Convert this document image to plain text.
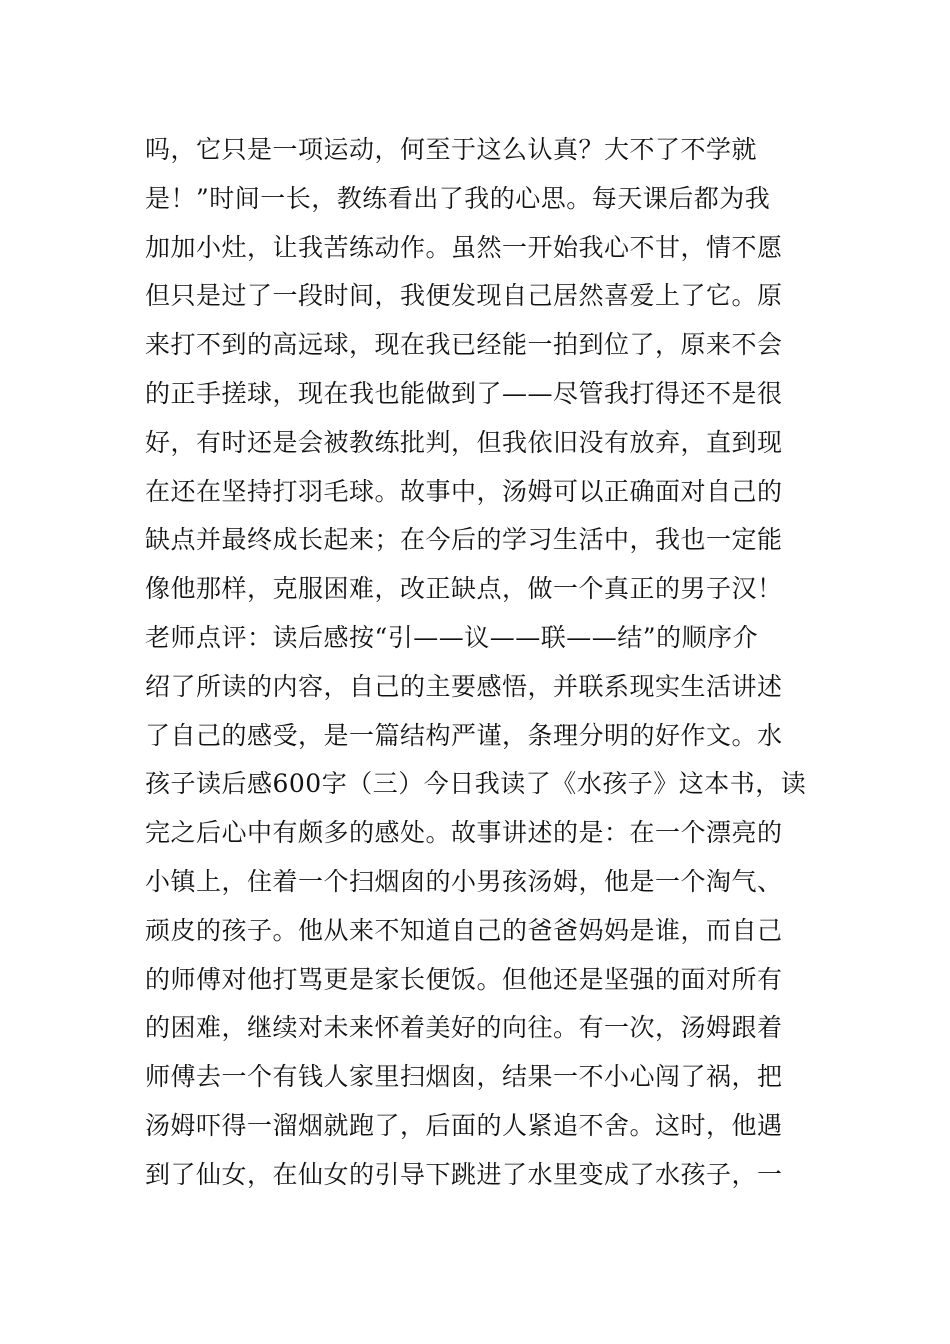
吗，它只是一项运动，何至于这么认真？大不了不学就
是！”时间一长，教练看出了我的心思。每天课后都为我
加加小灶，让我苦练动作。虽然一开始我心不甘，情不愿
但只是过了一段时间，我便发现自己居然喜爱上了它。原
来打不到的高远球，现在我已经能一拍到位了，原来不会
的正手搓球，现在我也能做到了——尽管我打得还不是很
好，有时还是会被教练批判，但我依旧没有放弃，直到现
在还在坚持打羽毛球。故事中，汤姆可以正确面对自己的
缺点并最终成长起来；在今后的学习生活中，我也一定能
像他那样，克服困难，改正缺点，做一个真正的男子汉！
老师点评：读后感按“引——议——联——结”的顺序介
绍了所读的内容，自己的主要感悟，并联系现实生活讲述
了自己的感受，是一篇结构严谨，条理分明的好作文。水
孩子读后感600字（三）今日我读了《水孩子》这本书，读
完之后心中有颇多的感处。故事讲述的是：在一个漂亮的
小镇上，住着一个扫烟囱的小男孩汤姆，他是一个淘气、
顽皮的孩子。他从来不知道自己的爸爸妈妈是谁，而自己
的师傅对他打骂更是家长便饭。但他还是坚强的面对所有
的困难，继续对未来怀着美好的向往。有一次，汤姆跟着
师傅去一个有钱人家里扫烟囱，结果一不小心闯了祸，把
汤姆吓得一溜烟就跑了，后面的人紧追不舍。这时，他遇
到了仙女，在仙女的引导下跳进了水里变成了水孩子，一
